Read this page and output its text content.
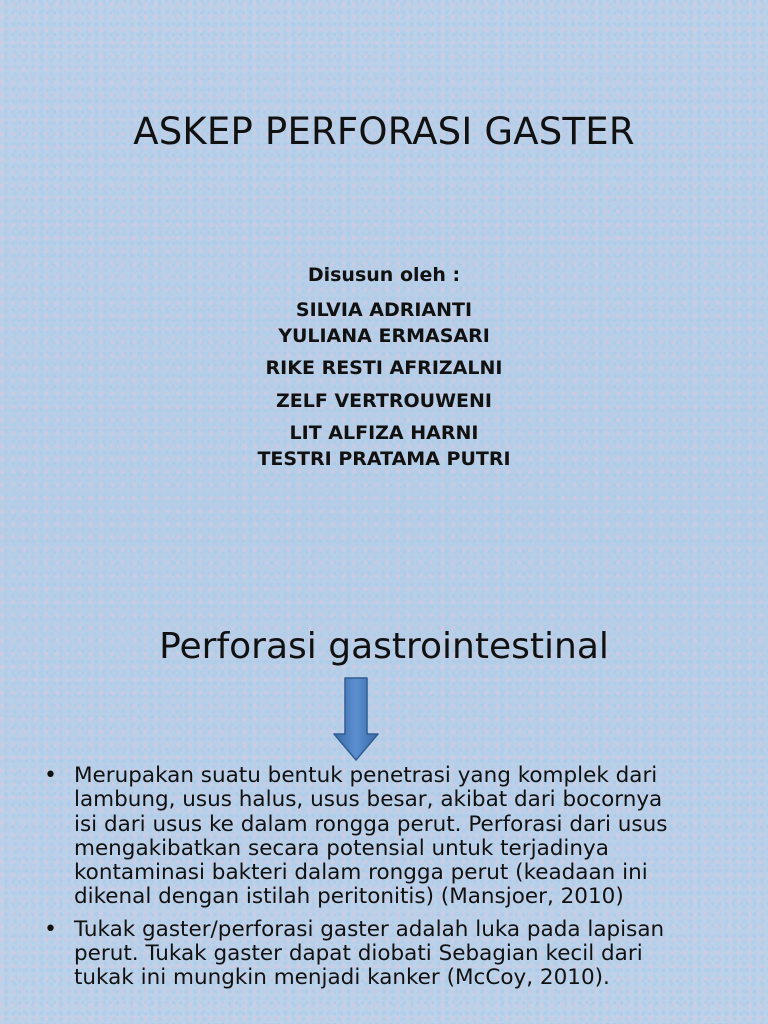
ASKEP PERFORASI GASTER
Disusun oleh :
SILVIA ADRIANTI
YULIANA ERMASARI
RIKE RESTI AFRIZALNI
ZELF VERTROUWENI
LIT ALFIZA HARNI
TESTRI PRATAMA PUTRI
Perforasi gastrointestinal
• Merupakan suatu bentuk penetrasi yang komplek dari
lambung, usus halus, usus besar, akibat dari bocornya
isi dari usus ke dalam rongga perut. Perforasi dari usus
mengakibatkan secara potensial untuk terjadinya
kontaminasi bakteri dalam rongga perut (keadaan ini
dikenal dengan istilah peritonitis) (Mansjoer, 2010)
• Tukak gaster/perforasi gaster adalah luka pada lapisan
perut. Tukak gaster dapat diobati Sebagian kecil dari
tukak ini mungkin menjadi kanker (McCoy, 2010).
